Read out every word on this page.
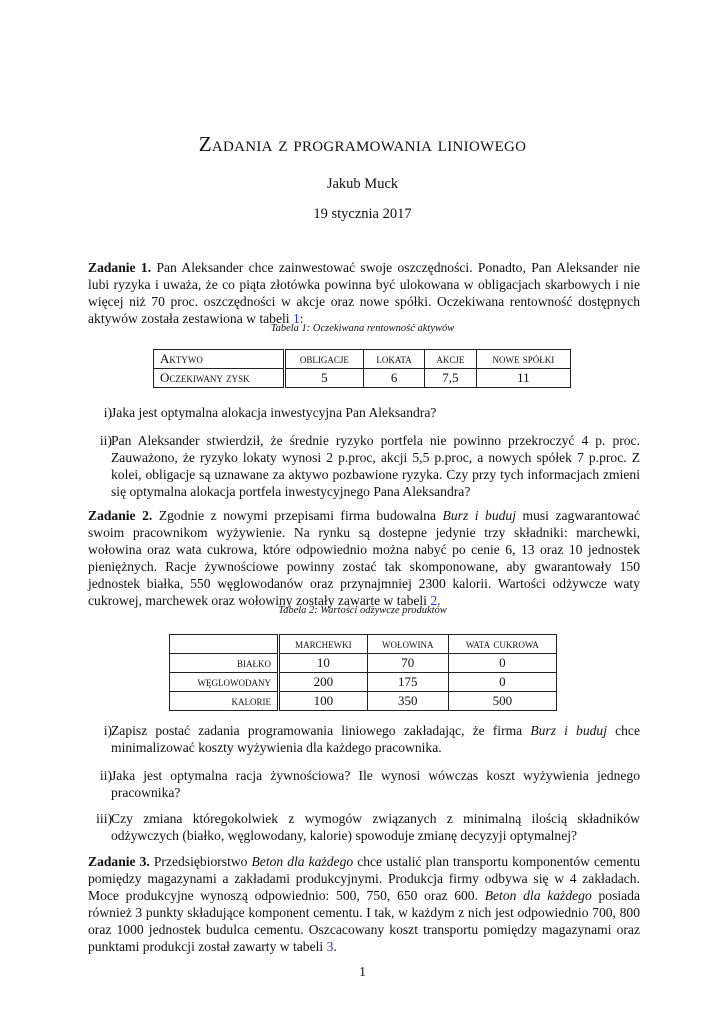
Zadania z programowania liniowego
Jakub Muck
19 stycznia 2017
Zadanie 1. Pan Aleksander chce zainwestować swoje oszczędności. Ponadto, Pan Aleksander nie lubi ryzyka i uważa, że co piąta złotówka powinna być ulokowana w obligacjach skarbowych i nie więcej niż 70 proc. oszczędności w akcje oraz nowe spółki. Oczekiwana rentowność dostępnych aktywów została zestawiona w tabeli 1:
Tabela 1: Oczekiwana rentowność aktywów
Aktywo	obligacje	lokata	akcje	nowe spółki
Oczekiwany zysk	5	6	7,5	11
i) Jaka jest optymalna alokacja inwestycyjna Pan Aleksandra?
ii) Pan Aleksander stwierdził, że średnie ryzyko portfela nie powinno przekroczyć 4 p. proc. Zauważono, że ryzyko lokaty wynosi 2 p.proc, akcji 5,5 p.proc, a nowych spółek 7 p.proc. Z kolei, obligacje są uznawane za aktywo pozbawione ryzyka. Czy przy tych informacjach zmieni się optymalna alokacja portfela inwestycyjnego Pana Aleksandra?
Zadanie 2. Zgodnie z nowymi przepisami firma budowalna Burz i buduj musi zagwarantować swoim pracownikom wyżywienie. Na rynku są dostepne jedynie trzy składniki: marchewki, wołowina oraz wata cukrowa, które odpowiednio można nabyć po cenie 6, 13 oraz 10 jednostek pieniężnych. Racje żywnościowe powinny zostać tak skomponowane, aby gwarantowały 150 jednostek białka, 550 węglowodanów oraz przynajmniej 2300 kalorii. Wartości odżywcze waty cukrowej, marchewek oraz wołowiny zostały zawarte w tabeli 2.
Tabela 2: Wartości odżywcze produktów
	marchewki	wołowina	wata cukrowa
białko	10	70	0
węglowodany	200	175	0
kalorie	100	350	500
i) Zapisz postać zadania programowania liniowego zakładając, że firma Burz i buduj chce minimalizować koszty wyżywienia dla każdego pracownika.
ii) Jaka jest optymalna racja żywnościowa? Ile wynosi wówczas koszt wyżywienia jednego pracownika?
iii) Czy zmiana któregokolwiek z wymogów związanych z minimalną ilością składników odżywczych (białko, węglowodany, kalorie) spowoduje zmianę decyzyji optymalnej?
Zadanie 3. Przedsiębiorstwo Beton dla każdego chce ustalić plan transportu komponentów cementu pomiędzy magazynami a zakładami produkcyjnymi. Produkcja firmy odbywa się w 4 zakładach. Moce produkcyjne wynoszą odpowiednio: 500, 750, 650 oraz 600. Beton dla każdego posiada również 3 punkty składujące komponent cementu. I tak, w każdym z nich jest odpowiednio 700, 800 oraz 1000 jednostek budulca cementu. Oszcacowany koszt transportu pomiędzy magazynami oraz punktami produkcji został zawarty w tabeli 3.
1
